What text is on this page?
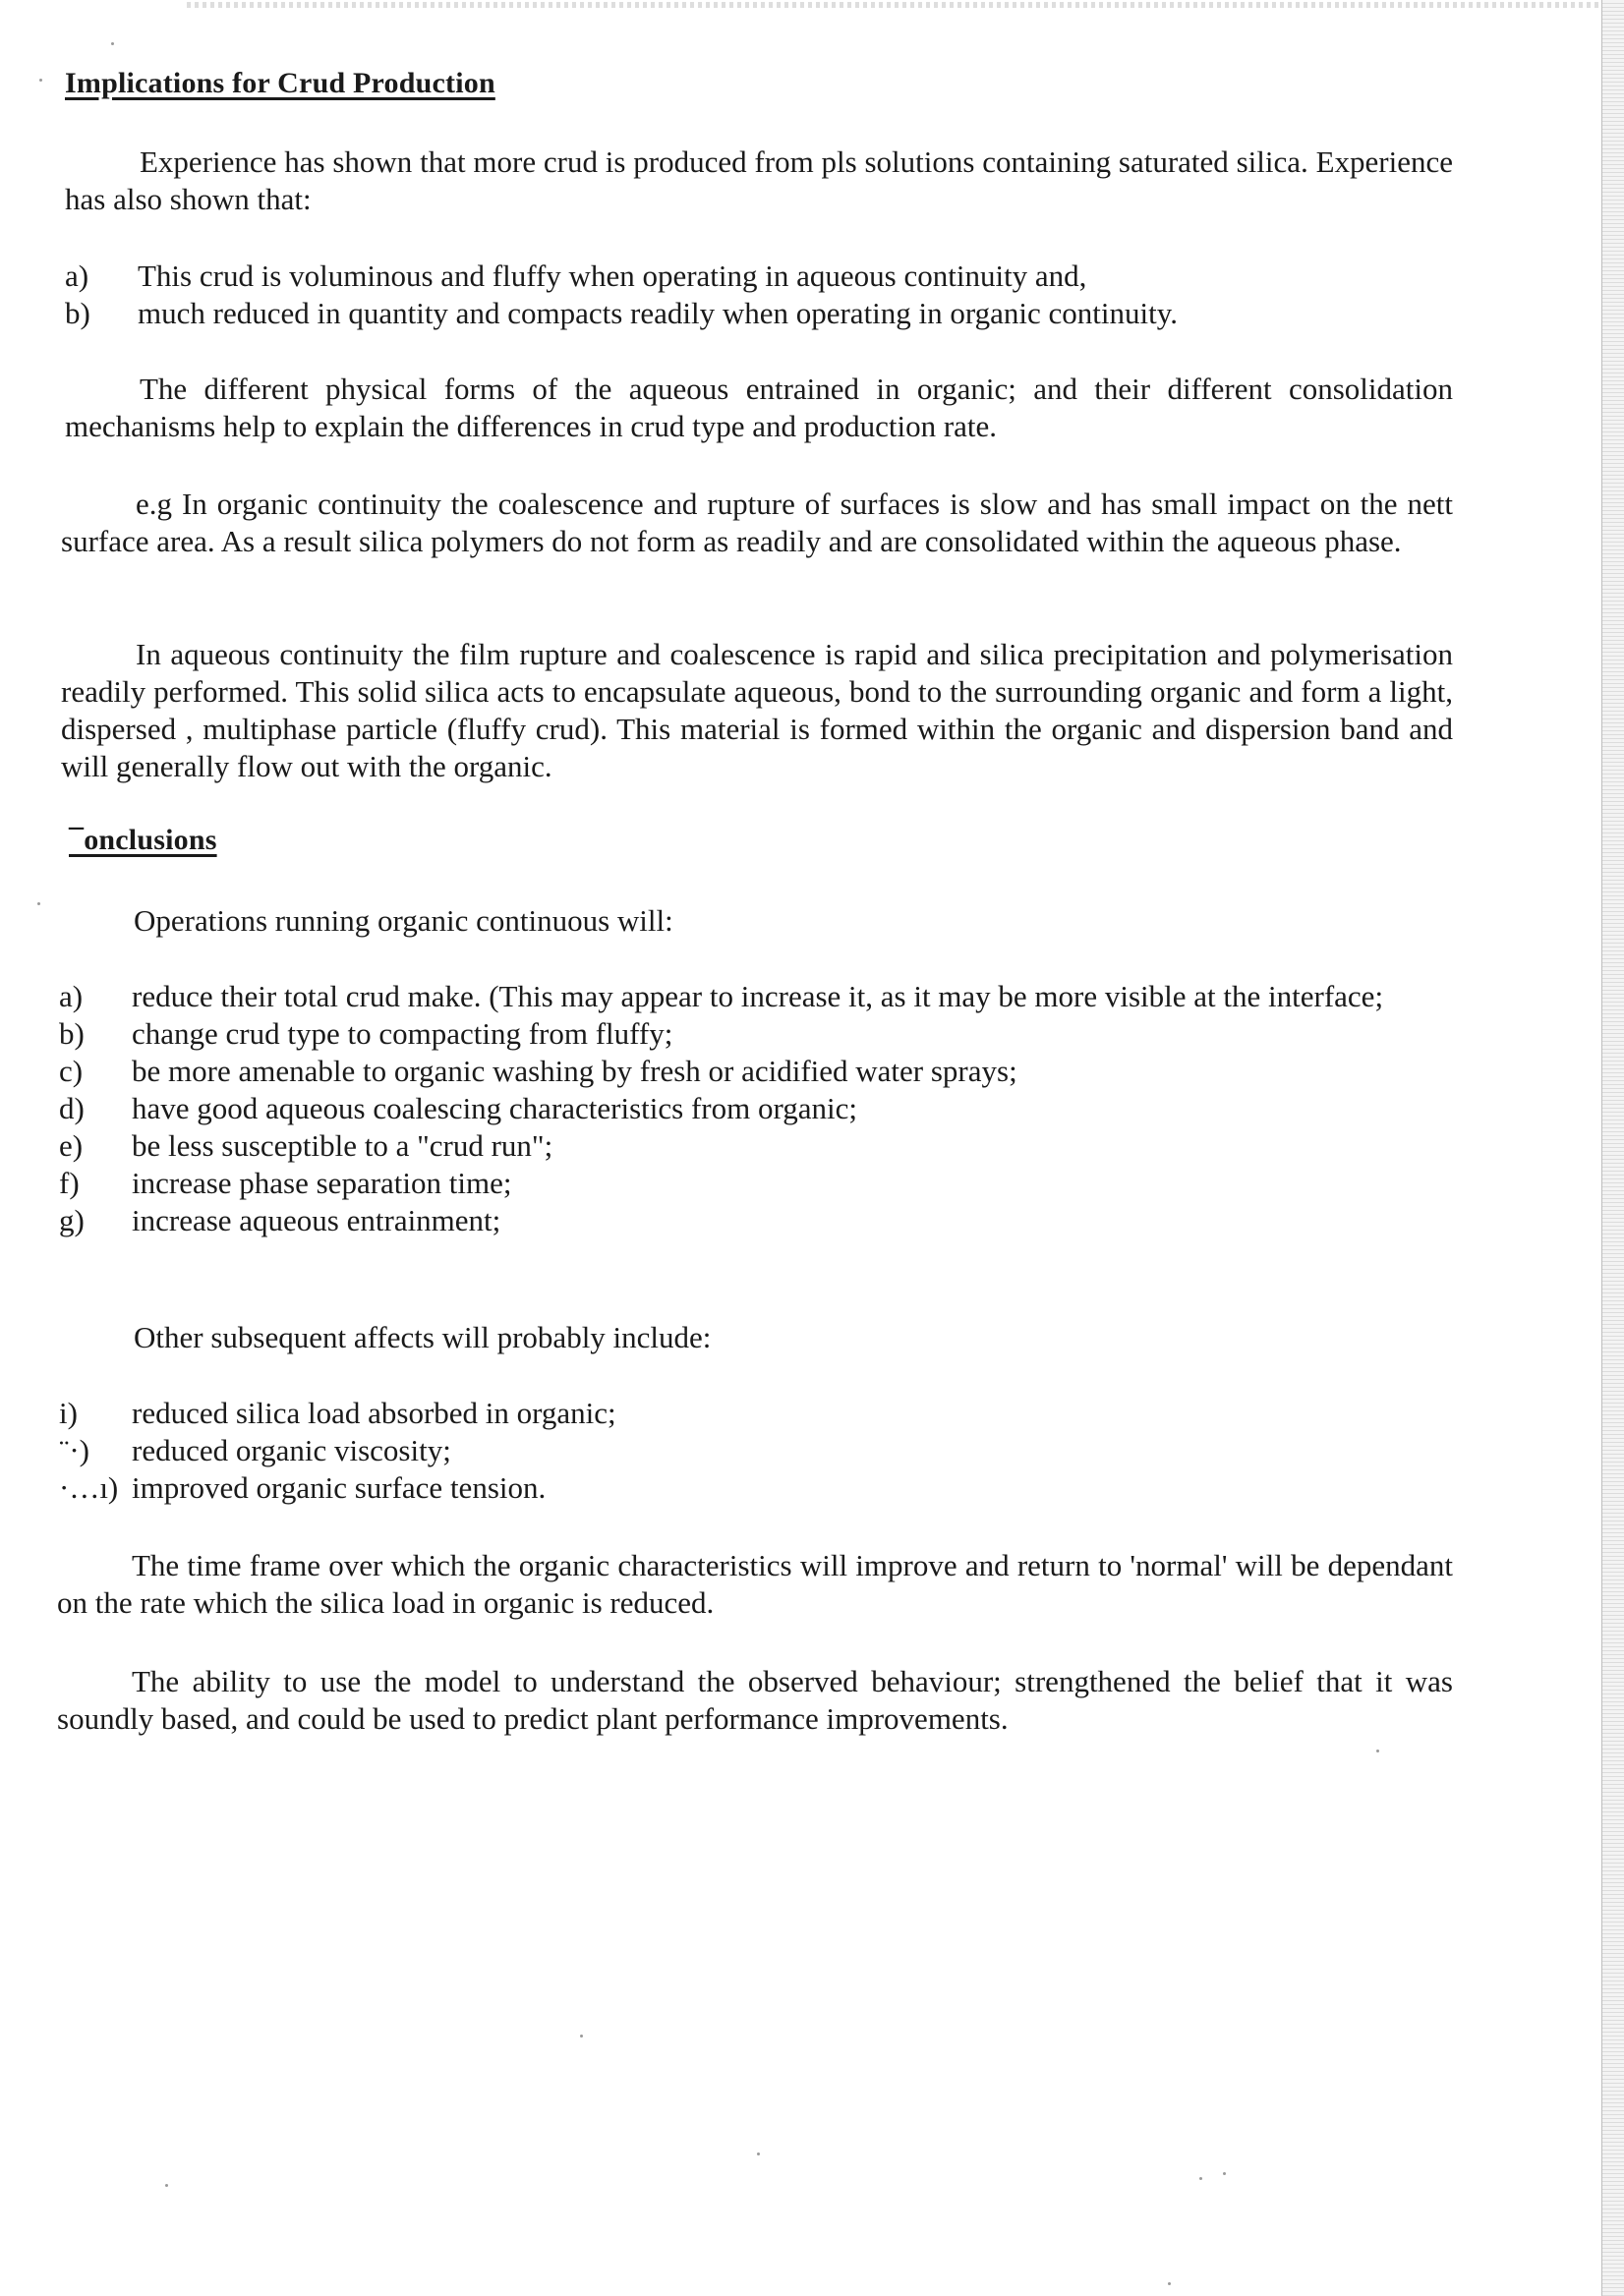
Implications for Crud Production

Experience has shown that more crud is produced from pls solutions containing saturated silica. Experience has also shown that:

a) This crud is voluminous and fluffy when operating in aqueous continuity and,
b) much reduced in quantity and compacts readily when operating in organic continuity.

The different physical forms of the aqueous entrained in organic; and their different consolidation mechanisms help to explain the differences in crud type and production rate.

e.g In organic continuity the coalescence and rupture of surfaces is slow and has small impact on the nett surface area. As a result silica polymers do not form as readily and are consolidated within the aqueous phase.

In aqueous continuity the film rupture and coalescence is rapid and silica precipitation and polymerisation readily performed. This solid silica acts to encapsulate aqueous, bond to the surrounding organic and form a light, dispersed , multiphase particle (fluffy crud). This material is formed within the organic and dispersion band and will generally flow out with the organic.

¯onclusions

Operations running organic continuous will:

a) reduce their total crud make. (This may appear to increase it, as it may be more visible at the interface;
b) change crud type to compacting from fluffy;
c) be more amenable to organic washing by fresh or acidified water sprays;
d) have good aqueous coalescing characteristics from organic;
e) be less susceptible to a "crud run";
f) increase phase separation time;
g) increase aqueous entrainment;

Other subsequent affects will probably include:

i) reduced silica load absorbed in organic;
¨·) reduced organic viscosity;
·…ı) improved organic surface tension.

The time frame over which the organic characteristics will improve and return to 'normal' will be dependant on the rate which the silica load in organic is reduced.

The ability to use the model to understand the observed behaviour; strengthened the belief that it was soundly based, and could be used to predict plant performance improvements.
